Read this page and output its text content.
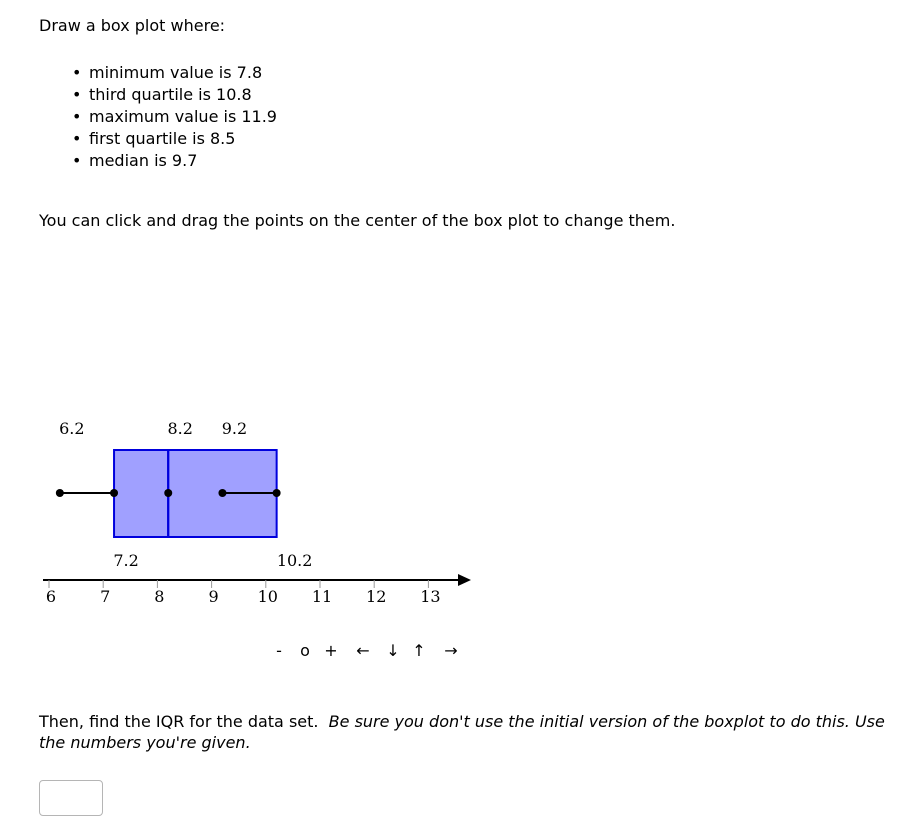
Draw a box plot where:
• minimum value is 7.8
• third quartile is 10.8
• maximum value is 11.9
• first quartile is 8.5
• median is 9.7
You can click and drag the points on the center of the box plot to change them.
6.2	8.2 9.2
7.2	10.2
6	7	8	9 10 11 12 13
- o + ← ↓ ↑ →
Then, find the IQR for the data set. Be sure you don't use the initial version of the boxplot to do this. Use the numbers you're given.
